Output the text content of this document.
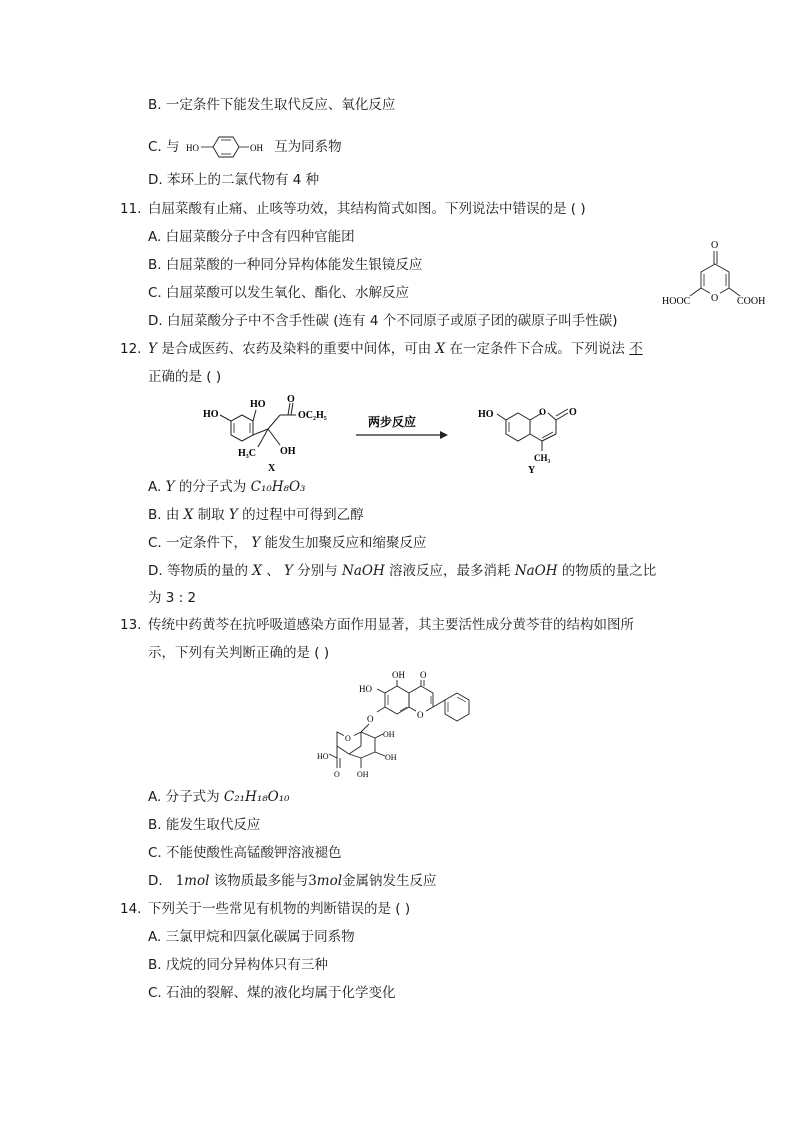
B. 一定条件下能发生取代反应、氧化反应
C. 与 HO	OH 互为同系物
D. 苯环上的二氯代物有 4 种
11. 白屈菜酸有止痛、止咳等功效，其结构简式如图。下列说法中错误的是 ( )
A. 白屈菜酸分子中含有四种官能团
B. 白屈菜酸的一种同分异构体能发生银镜反应
C. 白屈菜酸可以发生氧化、酯化、水解反应
D. 白屈菜酸分子中不含手性碳 (连有 4 个不同原子或原子团的碳原子叫手性碳)
O
O
HOOC	COOH
12. Y 是合成医药、农药及染料的重要中间体，可由 X 在一定条件下合成。下列说法 不
正确的是 ( )
HO
HO O
OC₂H₅
H₃C OH
X
两步反应
HO	O O
CH₃
Y
A. Y 的分子式为 C₁₀H₈O₃
B. 由 X 制取 Y 的过程中可得到乙醇
C. 一定条件下， Y 能发生加聚反应和缩聚反应
D. 等物质的量的 X 、 Y 分别与 NaOH 溶液反应，最多消耗 NaOH 的物质的量之比
为 3 : 2
13. 传统中药黄芩在抗呼吸道感染方面作用显著，其主要活性成分黄芩苷的结构如图所
示，下列有关判断正确的是 ( )
OH O
O
HO
O
O	OH
OH
OH
HO
O
A. 分子式为 C₂₁H₁₈O₁₀
B. 能发生取代反应
C. 不能使酸性高锰酸钾溶液褪色
D. 1mol 该物质最多能与3mol金属钠发生反应
14. 下列关于一些常见有机物的判断错误的是 ( )
A. 三氯甲烷和四氯化碳属于同系物
B. 戊烷的同分异构体只有三种
C. 石油的裂解、煤的液化均属于化学变化
